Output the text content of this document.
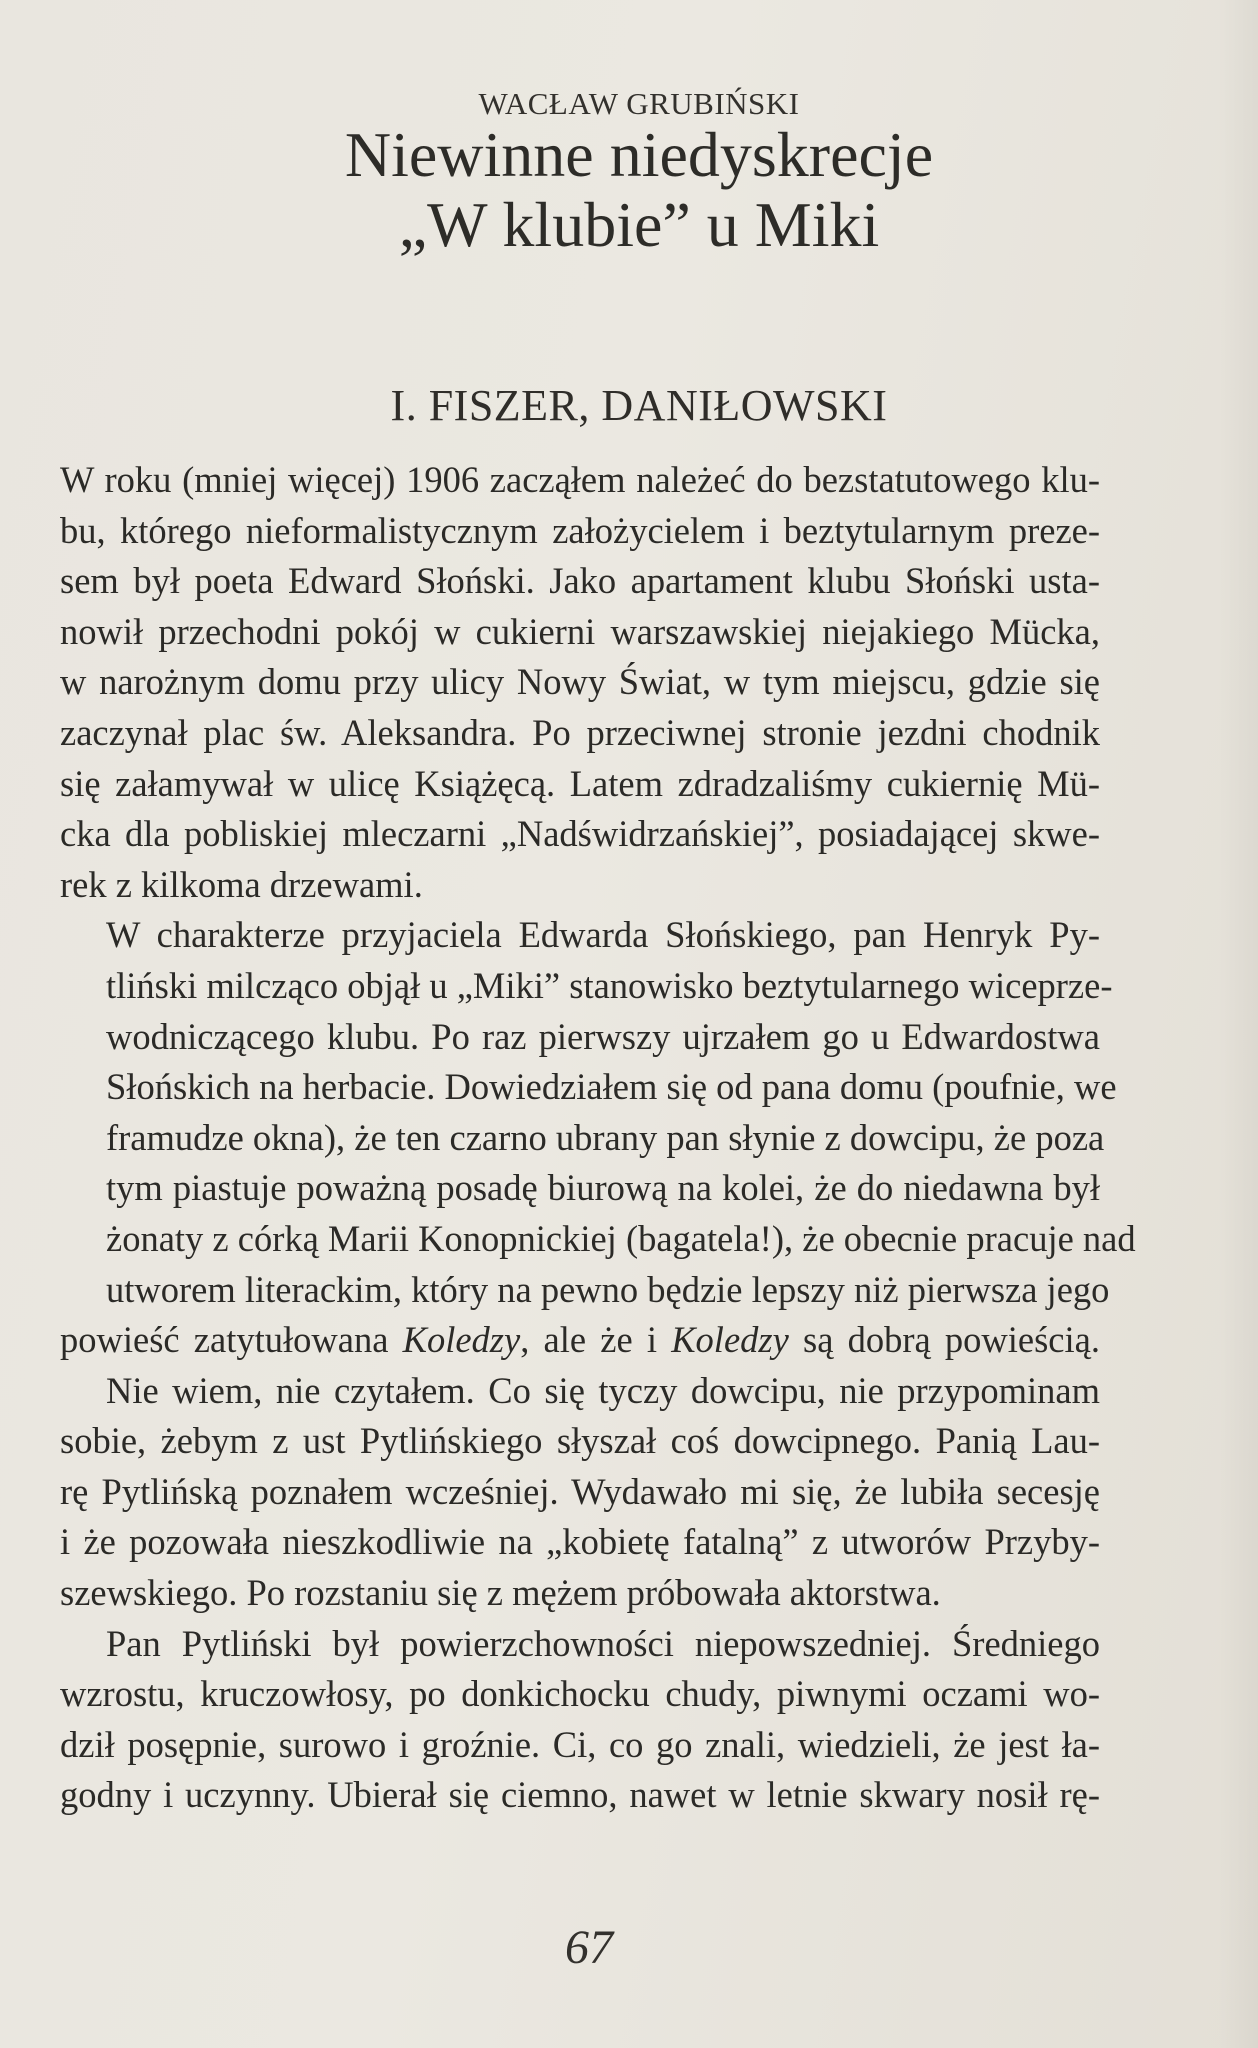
WACŁAW GRUBIŃSKI
Niewinne niedyskrecje
„W klubie” u Miki
I. FISZER, DANIŁOWSKI

W roku (mniej więcej) 1906 zacząłem należeć do bezstatutowego klu-
bu, którego nieformalistycznym założycielem i beztytularnym preze-
sem był poeta Edward Słoński. Jako apartament klubu Słoński usta-
nowił przechodni pokój w cukierni warszawskiej niejakiego Mücka,
w narożnym domu przy ulicy Nowy Świat, w tym miejscu, gdzie się
zaczynał plac św. Aleksandra. Po przeciwnej stronie jezdni chodnik
się załamywał w ulicę Książęcą. Latem zdradzaliśmy cukiernię Mü-
cka dla pobliskiej mleczarni „Nadświdrzańskiej”, posiadającej skwe-
rek z kilkoma drzewami.

W charakterze przyjaciela Edwarda Słońskiego, pan Henryk Py-
tliński milcząco objął u „Miki” stanowisko beztytularnego wiceprze-
wodniczącego klubu. Po raz pierwszy ujrzałem go u Edwardostwa
Słońskich na herbacie. Dowiedziałem się od pana domu (poufnie, we
framudze okna), że ten czarno ubrany pan słynie z dowcipu, że poza
tym piastuje poważną posadę biurową na kolei, że do niedawna był
żonaty z córką Marii Konopnickiej (bagatela!), że obecnie pracuje nad
utworem literackim, który na pewno będzie lepszy niż pierwsza jego
powieść zatytułowana Koledzy, ale że i Koledzy są dobrą powieścią.

Nie wiem, nie czytałem. Co się tyczy dowcipu, nie przypominam
sobie, żebym z ust Pytlińskiego słyszał coś dowcipnego. Panią Lau-
rę Pytlińską poznałem wcześniej. Wydawało mi się, że lubiła secesję
i że pozowała nieszkodliwie na „kobietę fatalną” z utworów Przyby-
szewskiego. Po rozstaniu się z mężem próbowała aktorstwa.

Pan Pytliński był powierzchowności niepowszedniej. Średniego
wzrostu, kruczowłosy, po donkichocku chudy, piwnymi oczami wo-
dził posępnie, surowo i groźnie. Ci, co go znali, wiedzieli, że jest ła-
godny i uczynny. Ubierał się ciemno, nawet w letnie skwary nosił rę-

67
